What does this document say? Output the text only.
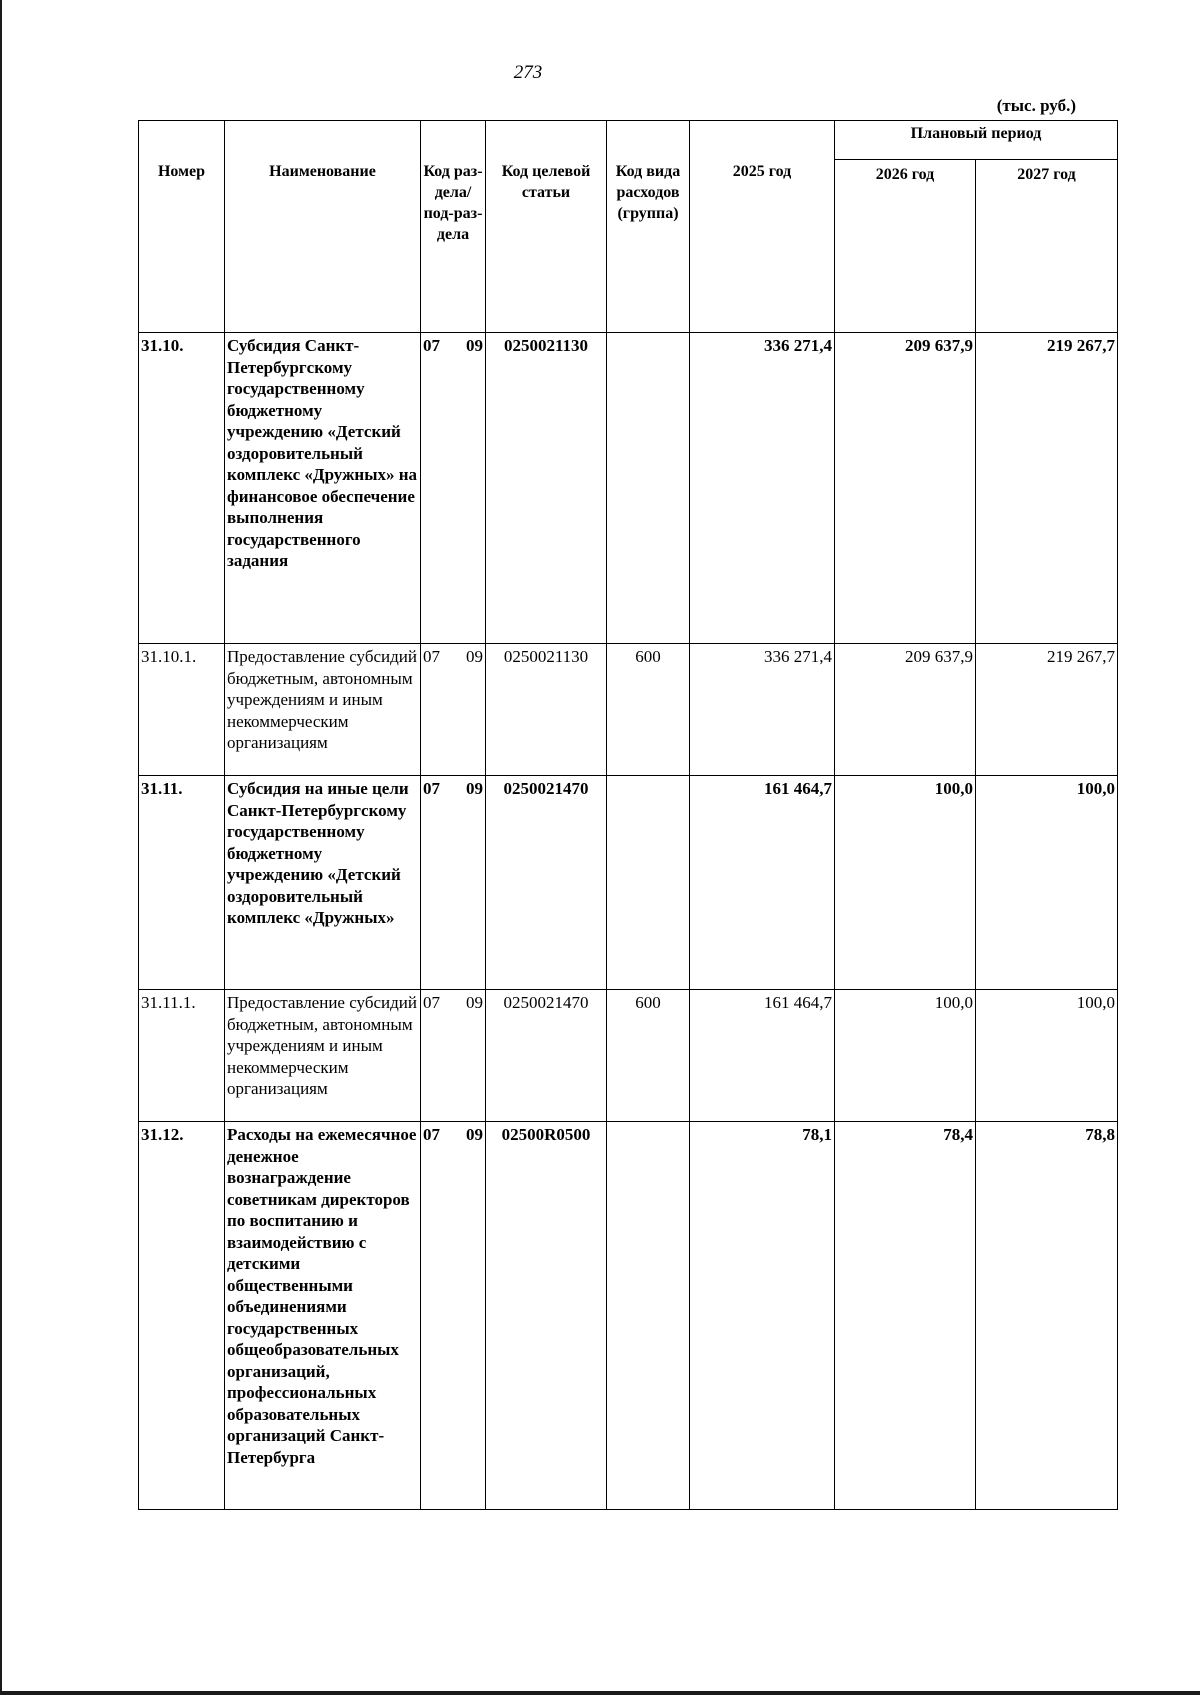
273
(тыс. руб.)
Номер	Наименование	Код раз-дела/ под-раз-дела	Код целевой статьи	Код вида расходов (группа)	2025 год	Плановый период	
						2026 год	2027 год
31.10.	Субсидия Санкт-Петербургскому государственному бюджетному учреждению «Детский оздоровительный комплекс «Дружных» на финансовое обеспечение выполнения государственного задания	07 09	0250021130		336 271,4	209 637,9	219 267,7
31.10.1.	Предоставление субсидий бюджетным, автономным учреждениям и иным некоммерческим организациям	07 09	0250021130	600	336 271,4	209 637,9	219 267,7
31.11.	Субсидия на иные цели Санкт-Петербургскому государственному бюджетному учреждению «Детский оздоровительный комплекс «Дружных»	07 09	0250021470		161 464,7	100,0	100,0
31.11.1.	Предоставление субсидий бюджетным, автономным учреждениям и иным некоммерческим организациям	07 09	0250021470	600	161 464,7	100,0	100,0
31.12.	Расходы на ежемесячное денежное вознаграждение советникам директоров по воспитанию и взаимодействию с детскими общественными объединениями государственных общеобразовательных организаций, профессиональных образовательных организаций Санкт-Петербурга	07 09	02500R0500		78,1	78,4	78,8
